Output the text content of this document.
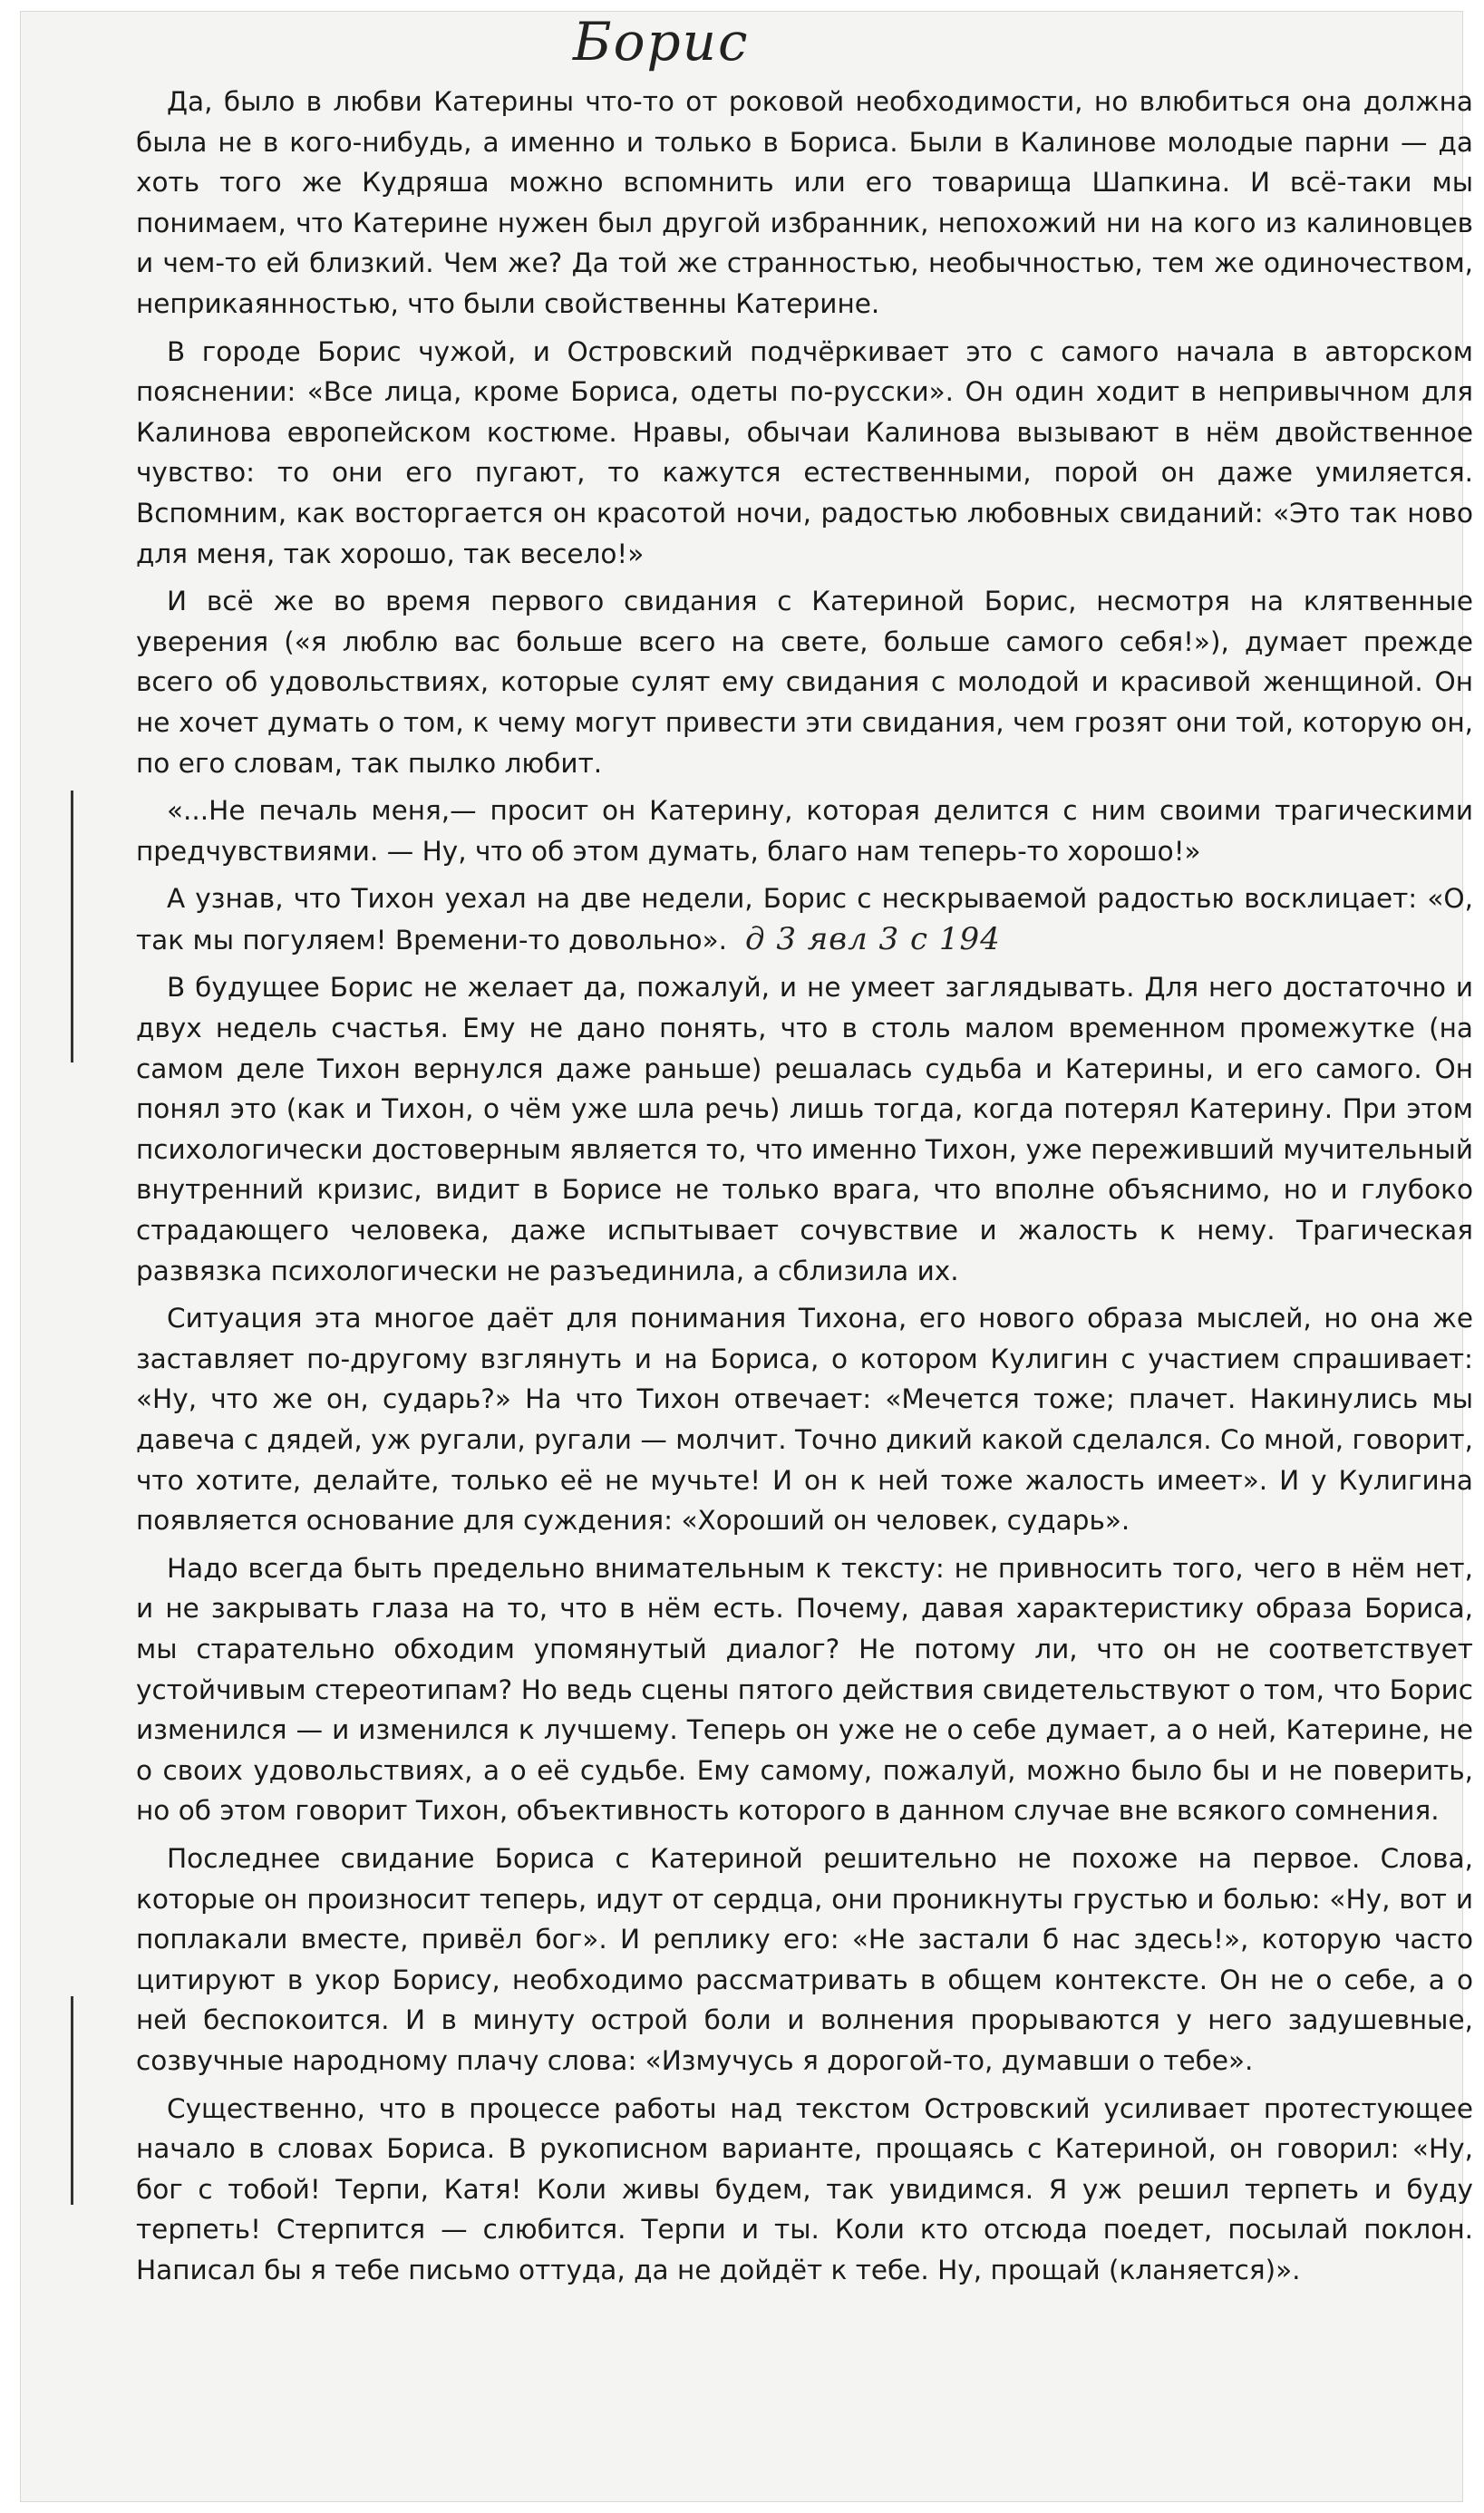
Борис

Да, было в любви Катерины что-то от роковой необходимости, но влюбиться она должна была не в кого-нибудь, а именно и только в Бориса. Были в Калинове молодые парни — да хоть того же Кудряша можно вспомнить или его товарища Шапкина. И всё-таки мы понимаем, что Катерине нужен был другой избранник, непохожий ни на кого из калиновцев и чем-то ей близкий. Чем же? Да той же странностью, необычностью, тем же одиночеством, неприкаянностью, что были свойственны Катерине.

В городе Борис чужой, и Островский подчёркивает это с самого начала в авторском пояснении: «Все лица, кроме Бориса, одеты по-русски». Он один ходит в непривычном для Калинова европейском костюме. Нравы, обычаи Калинова вызывают в нём двойственное чувство: то они его пугают, то кажутся естественными, порой он даже умиляется. Вспомним, как восторгается он красотой ночи, радостью любовных свиданий: «Это так ново для меня, так хорошо, так весело!»

И всё же во время первого свидания с Катериной Борис, несмотря на клятвенные уверения («я люблю вас больше всего на свете, больше самого себя!»), думает прежде всего об удовольствиях, которые сулят ему свидания с молодой и красивой женщиной. Он не хочет думать о том, к чему могут привести эти свидания, чем грозят они той, которую он, по его словам, так пылко любит.

«...Не печаль меня,— просит он Катерину, которая делится с ним своими трагическими предчувствиями. — Ну, что об этом думать, благо нам теперь-то хорошо!»

А узнав, что Тихон уехал на две недели, Борис с нескрываемой радостью восклицает: «О, так мы погуляем! Времени-то довольно». д 3 явл 3 с 194

В будущее Борис не желает да, пожалуй, и не умеет заглядывать. Для него достаточно и двух недель счастья. Ему не дано понять, что в столь малом временном промежутке (на самом деле Тихон вернулся даже раньше) решалась судьба и Катерины, и его самого. Он понял это (как и Тихон, о чём уже шла речь) лишь тогда, когда потерял Катерину. При этом психологически достоверным является то, что именно Тихон, уже переживший мучительный внутренний кризис, видит в Борисе не только врага, что вполне объяснимо, но и глубоко страдающего человека, даже испытывает сочувствие и жалость к нему. Трагическая развязка психологически не разъединила, а сблизила их.

Ситуация эта многое даёт для понимания Тихона, его нового образа мыслей, но она же заставляет по-другому взглянуть и на Бориса, о котором Кулигин с участием спрашивает: «Ну, что же он, сударь?» На что Тихон отвечает: «Мечется тоже; плачет. Накинулись мы давеча с дядей, уж ругали, ругали — молчит. Точно дикий какой сделался. Со мной, говорит, что хотите, делайте, только её не мучьте! И он к ней тоже жалость имеет». И у Кулигина появляется основание для суждения: «Хороший он человек, сударь».

Надо всегда быть предельно внимательным к тексту: не привносить того, чего в нём нет, и не закрывать глаза на то, что в нём есть. Почему, давая характеристику образа Бориса, мы старательно обходим упомянутый диалог? Не потому ли, что он не соответствует устойчивым стереотипам? Но ведь сцены пятого действия свидетельствуют о том, что Борис изменился — и изменился к лучшему. Теперь он уже не о себе думает, а о ней, Катерине, не о своих удовольствиях, а о её судьбе. Ему самому, пожалуй, можно было бы и не поверить, но об этом говорит Тихон, объективность которого в данном случае вне всякого сомнения.

Последнее свидание Бориса с Катериной решительно не похоже на первое. Слова, которые он произносит теперь, идут от сердца, они проникнуты грустью и болью: «Ну, вот и поплакали вместе, привёл бог». И реплику его: «Не застали б нас здесь!», которую часто цитируют в укор Борису, необходимо рассматривать в общем контексте. Он не о себе, а о ней беспокоится. И в минуту острой боли и волнения прорываются у него задушевные, созвучные народному плачу слова: «Измучусь я дорогой-то, думавши о тебе».

Существенно, что в процессе работы над текстом Островский усиливает протестующее начало в словах Бориса. В рукописном варианте, прощаясь с Катериной, он говорил: «Ну, бог с тобой! Терпи, Катя! Коли живы будем, так увидимся. Я уж решил терпеть и буду терпеть! Стерпится — слюбится. Терпи и ты. Коли кто отсюда поедет, посылай поклон. Написал бы я тебе письмо оттуда, да не дойдёт к тебе. Ну, прощай (кланяется)».
